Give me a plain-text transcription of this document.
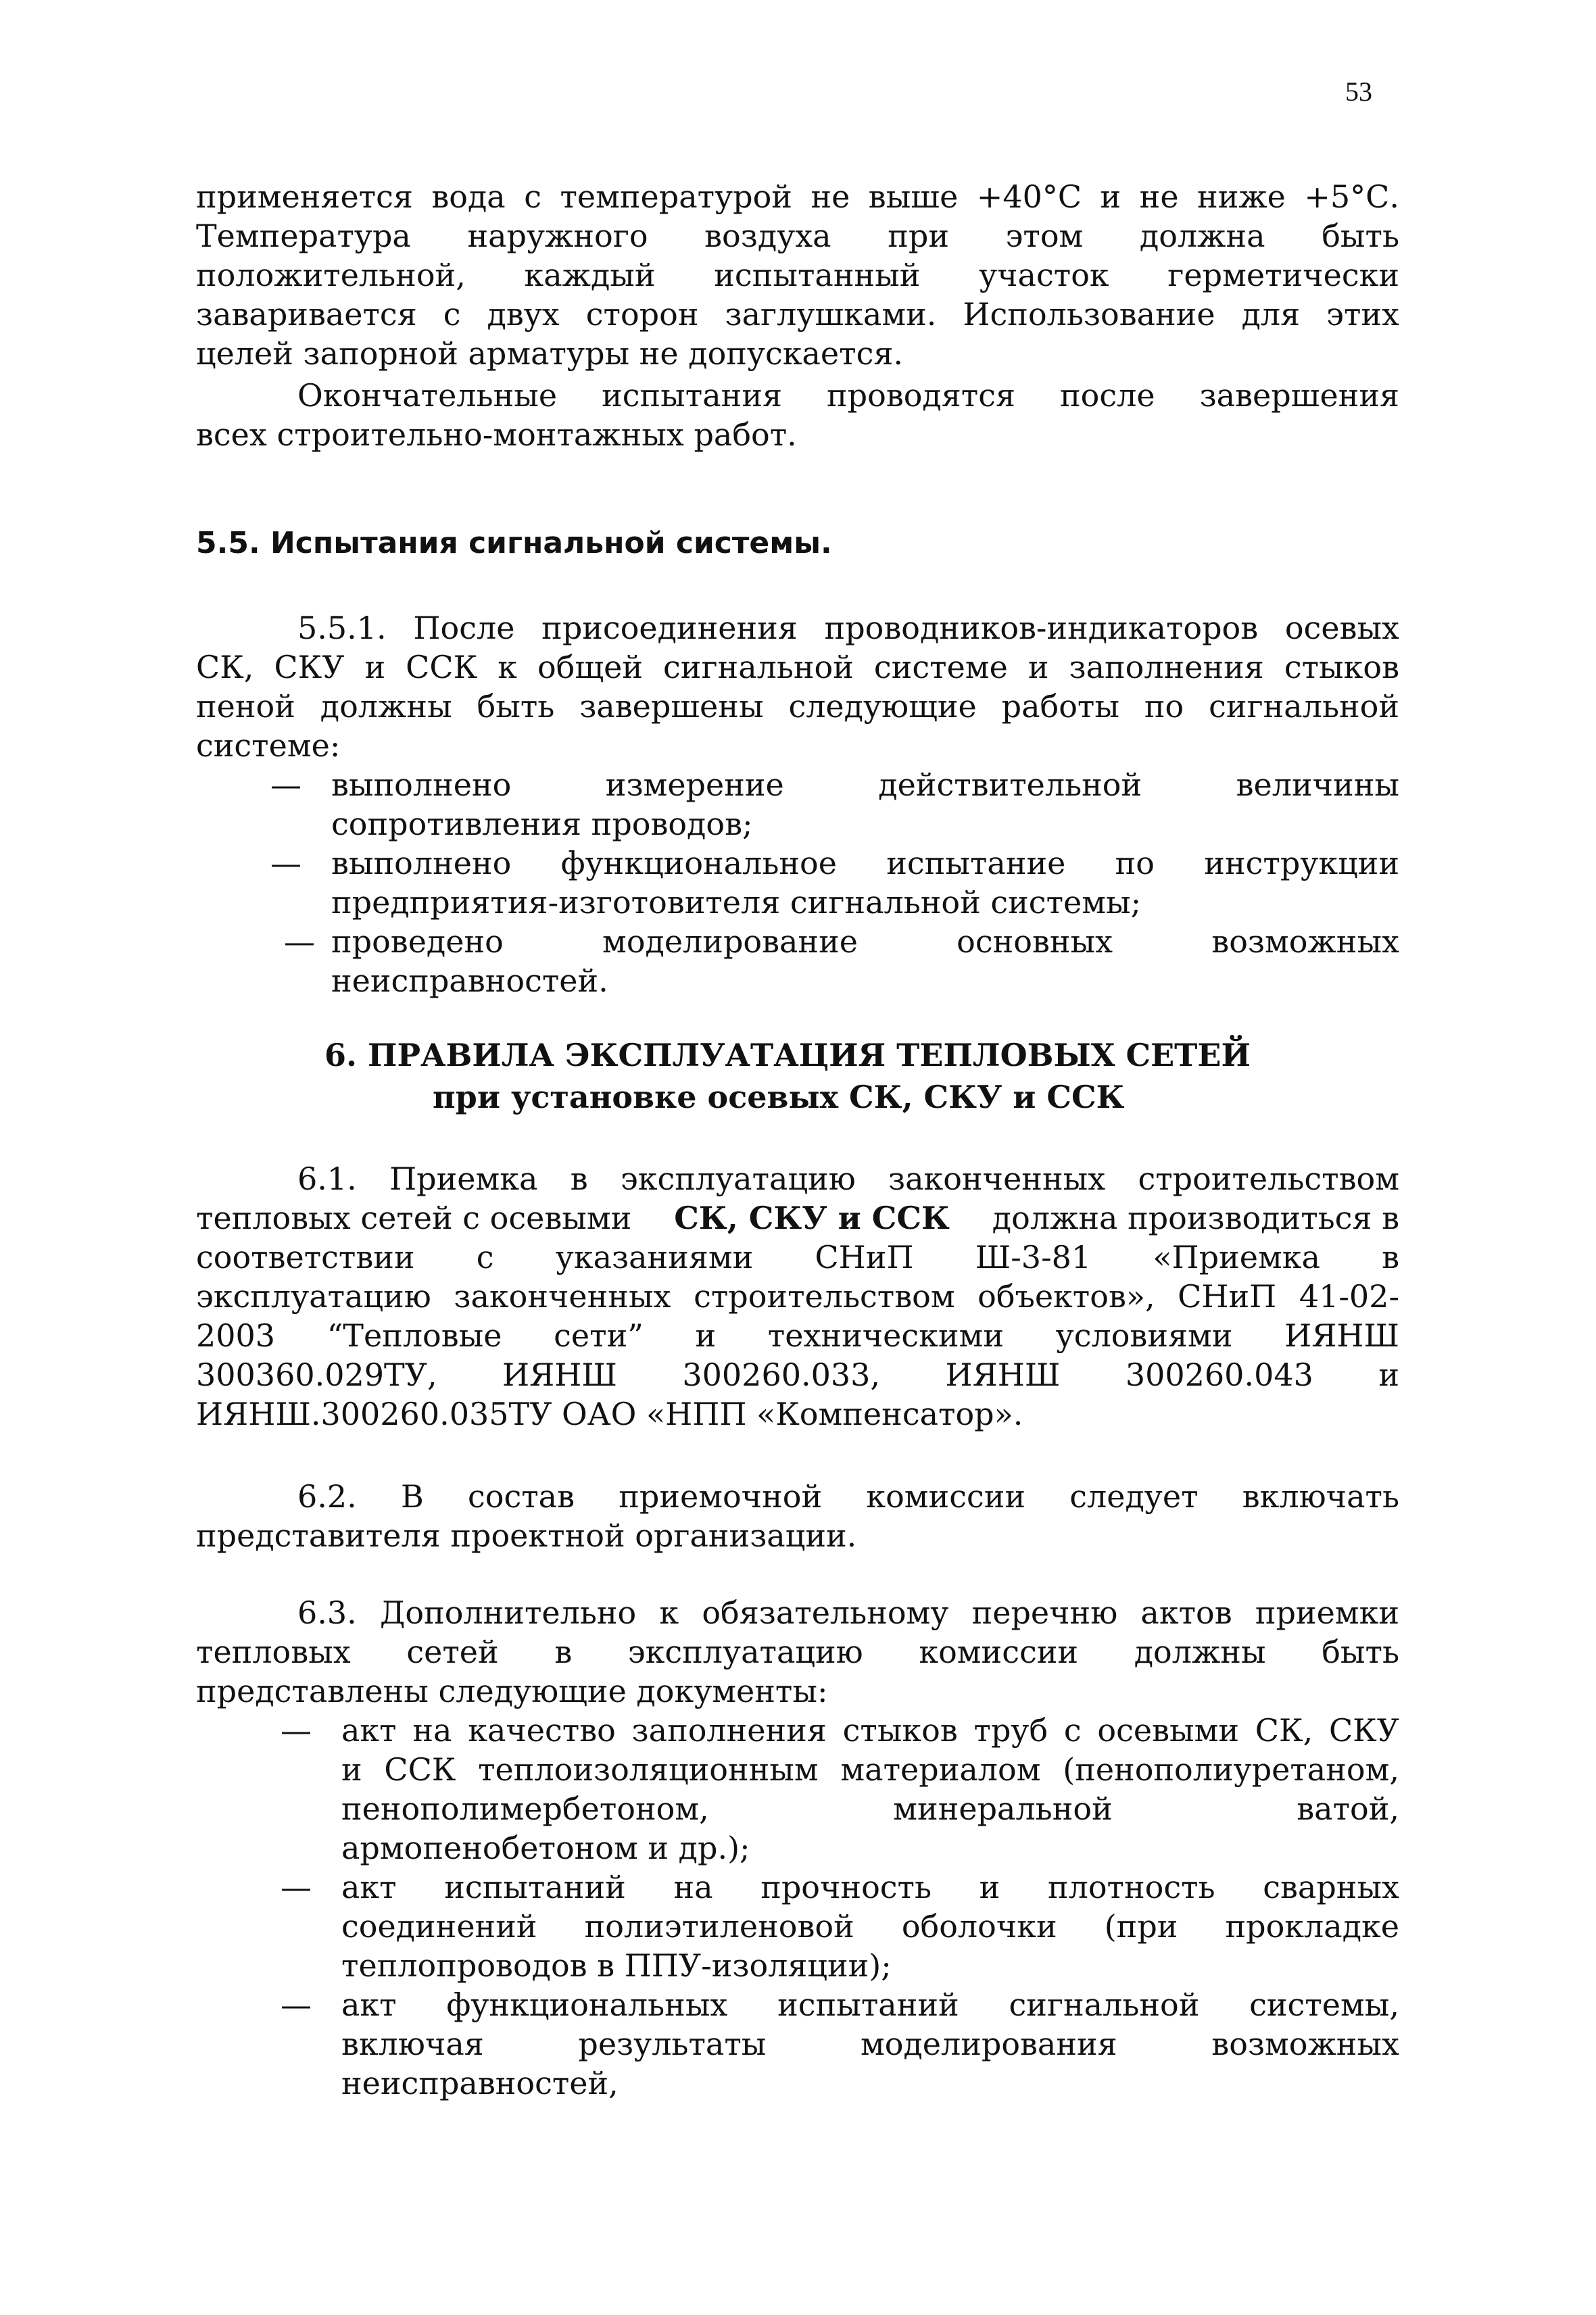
53
применяется вода с температурой не выше +40°С и не ниже +5°С.
Температура наружного воздуха при этом должна быть
положительной, каждый испытанный участок герметически
заваривается с двух сторон заглушками. Использование для этих
целей запорной арматуры не допускается.
Окончательные испытания проводятся после завершения
всех строительно-монтажных работ.
5.5. Испытания сигнальной системы.
5.5.1. После присоединения проводников-индикаторов осевых
СК, СКУ и ССК к общей сигнальной системе и заполнения стыков
пеной должны быть завершены следующие работы по сигнальной
системе:
— выполнено измерение действительной величины
сопротивления проводов;
— выполнено функциональное испытание по инструкции
предприятия-изготовителя сигнальной системы;
— проведено моделирование основных возможных
неисправностей.
6. ПРАВИЛА ЭКСПЛУАТАЦИЯ ТЕПЛОВЫХ СЕТЕЙ
при установке осевых СК, СКУ и ССК
6.1. Приемка в эксплуатацию законченных строительством
тепловых сетей с осевыми СК, СКУ и ССК должна производиться в
соответствии с указаниями СНиП Ш-3-81 «Приемка в
эксплуатацию законченных строительством объектов», СНиП 41-02-
2003 “Тепловые сети” и техническими условиями ИЯНШ
300360.029ТУ, ИЯНШ 300260.033, ИЯНШ 300260.043 и
ИЯНШ.300260.035ТУ ОАО «НПП «Компенсатор».
6.2. В состав приемочной комиссии следует включать
представителя проектной организации.
6.3. Дополнительно к обязательному перечню актов приемки
тепловых сетей в эксплуатацию комиссии должны быть
представлены следующие документы:
— акт на качество заполнения стыков труб с осевыми СК, СКУ
и ССК теплоизоляционным материалом (пенополиуретаном,
пенополимербетоном, минеральной ватой,
армопенобетоном и др.);
— акт испытаний на прочность и плотность сварных
соединений полиэтиленовой оболочки (при прокладке
теплопроводов в ППУ-изоляции);
— акт функциональных испытаний сигнальной системы,
включая результаты моделирования возможных
неисправностей,
